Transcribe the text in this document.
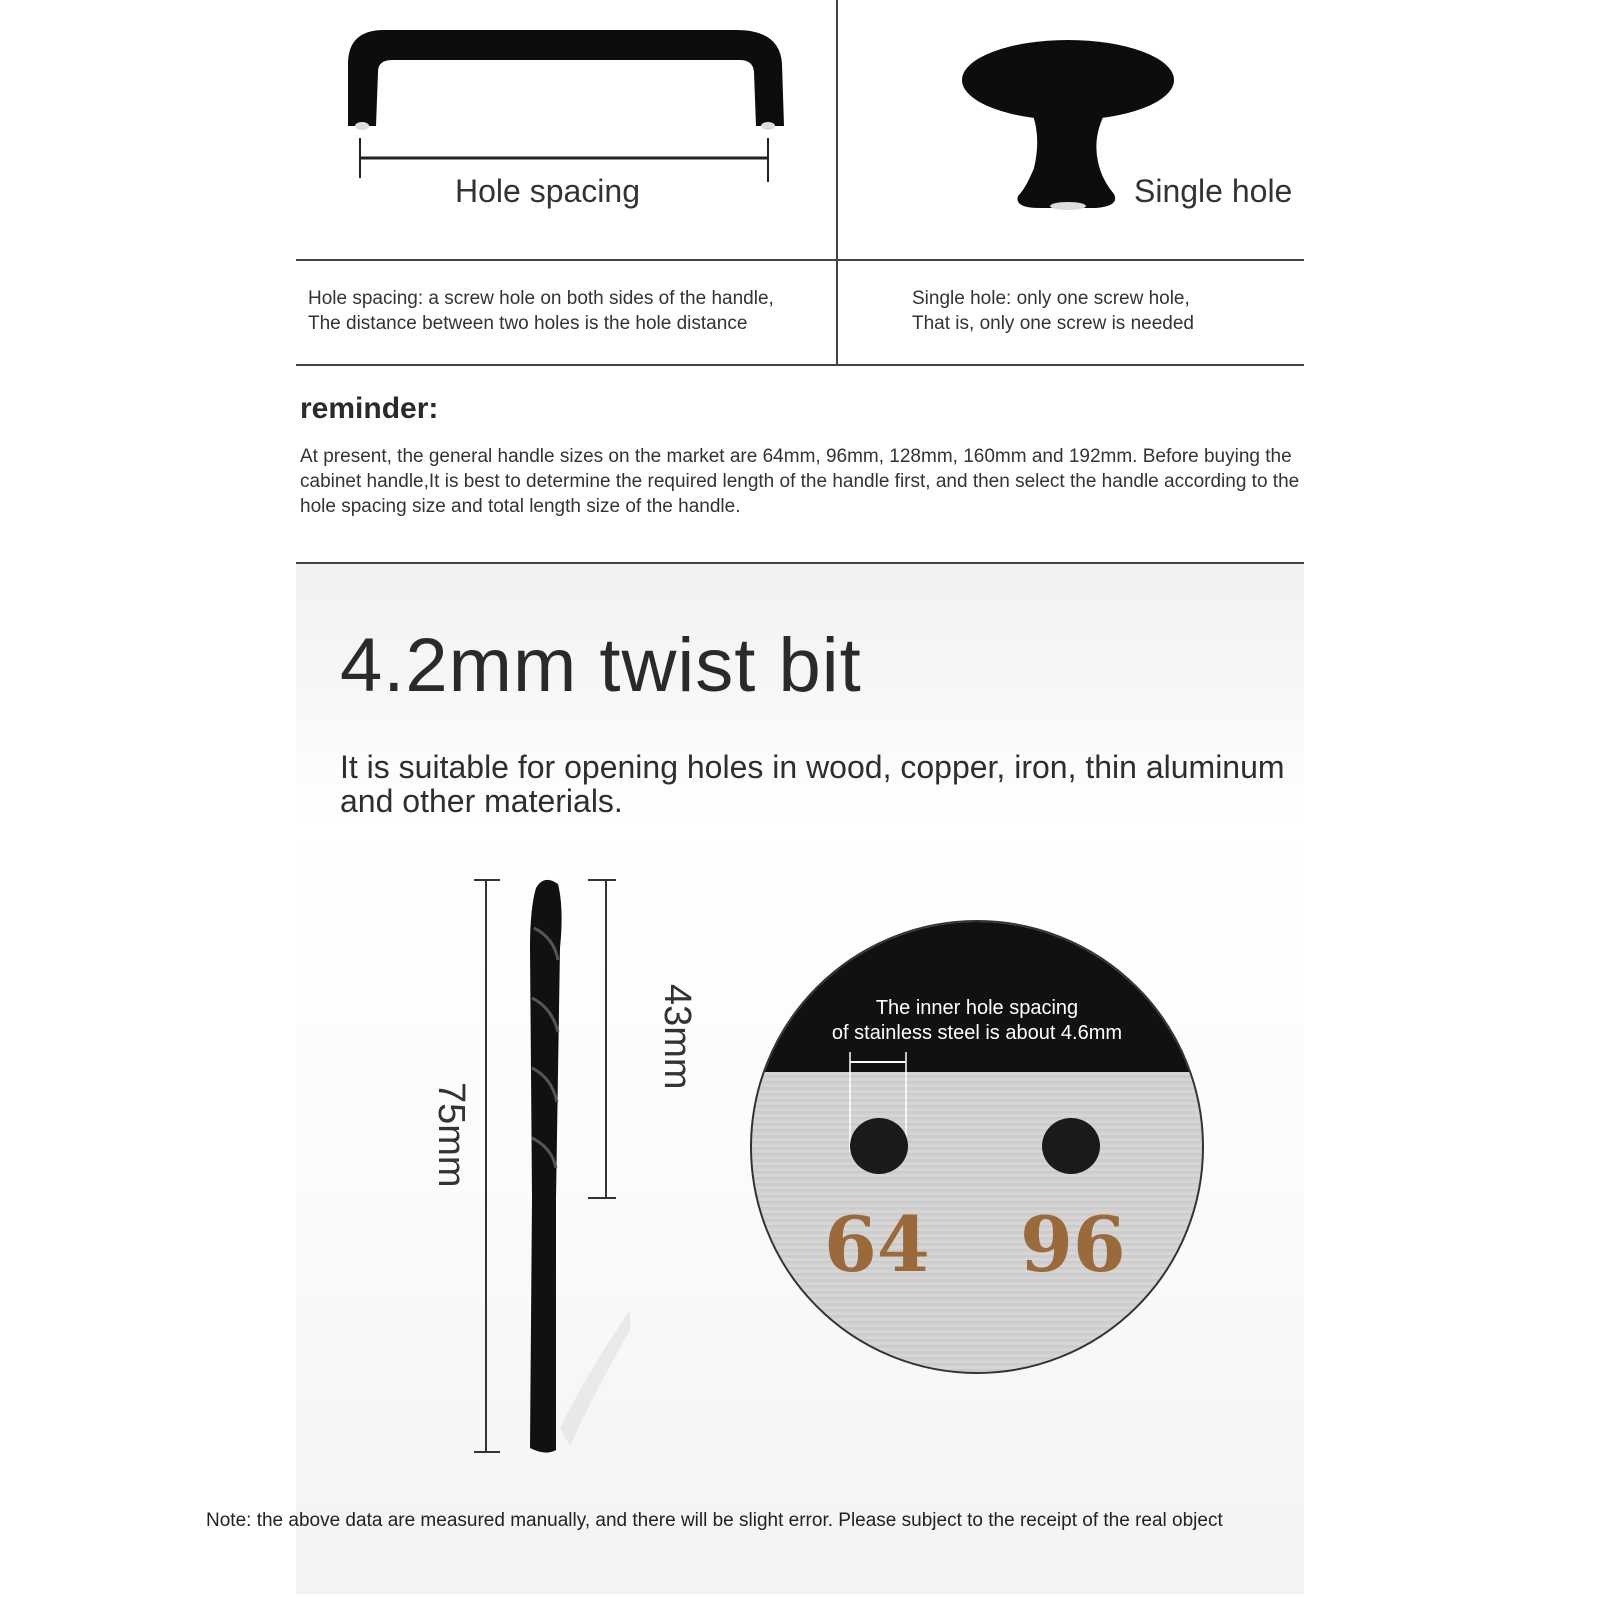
Hole spacing	Single hole
Hole spacing: a screw hole on both sides of the handle,
The distance between two holes is the hole distance
Single hole: only one screw hole,
That is, only one screw is needed
reminder:
At present, the general handle sizes on the market are 64mm, 96mm, 128mm, 160mm and 192mm. Before buying the cabinet handle,It is best to determine the required length of the handle first, and then select the handle according to the hole spacing size and total length size of the handle.
4.2mm twist bit
It is suitable for opening holes in wood, copper, iron, thin aluminum and other materials.
75mm
43mm	The inner hole spacing
of stainless steel is about 4.6mm
64 96
Note: the above data are measured manually, and there will be slight error. Please subject to the receipt of the real object
